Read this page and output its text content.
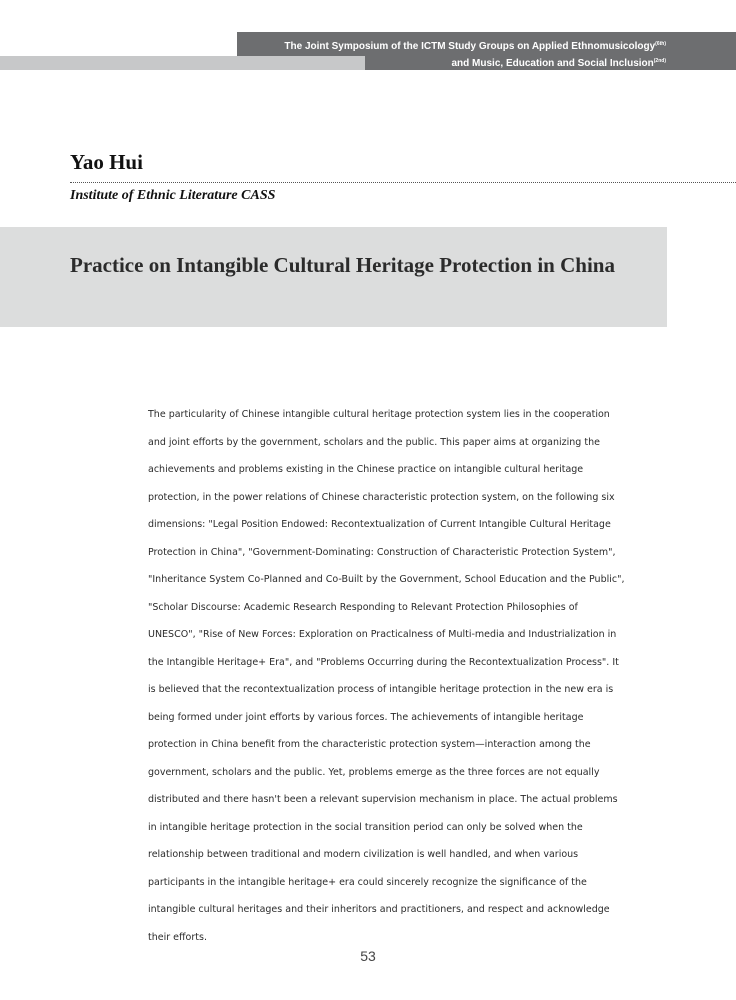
The Joint Symposium of the ICTM Study Groups on Applied Ethnomusicology$^{(6th)}$
and Music, Education and Social Inclusion$^{(2nd)}$
Yao Hui
Institute of Ethnic Literature CASS
Practice on Intangible Cultural Heritage Protection in China

The particularity of Chinese intangible cultural heritage protection system lies in the cooperation and joint efforts by the government, scholars and the public. This paper aims at organizing the achievements and problems existing in the Chinese practice on intangible cultural heritage protection, in the power relations of Chinese characteristic protection system, on the following six dimensions: "Legal Position Endowed: Recontextualization of Current Intangible Cultural Heritage Protection in China", "Government-Dominating: Construction of Characteristic Protection System", "Inheritance System Co-Planned and Co-Built by the Government, School Education and the Public", "Scholar Discourse: Academic Research Responding to Relevant Protection Philosophies of UNESCO", "Rise of New Forces: Exploration on Practicalness of Multi-media and Industrialization in the Intangible Heritage+ Era", and "Problems Occurring during the Recontextualization Process". It is believed that the recontextualization process of intangible heritage protection in the new era is being formed under joint efforts by various forces. The achievements of intangible heritage protection in China benefit from the characteristic protection system—interaction among the government, scholars and the public. Yet, problems emerge as the three forces are not equally distributed and there hasn't been a relevant supervision mechanism in place. The actual problems in intangible heritage protection in the social transition period can only be solved when the relationship between traditional and modern civilization is well handled, and when various participants in the intangible heritage+ era could sincerely recognize the significance of the intangible cultural heritages and their inheritors and practitioners, and respect and acknowledge their efforts.

53
